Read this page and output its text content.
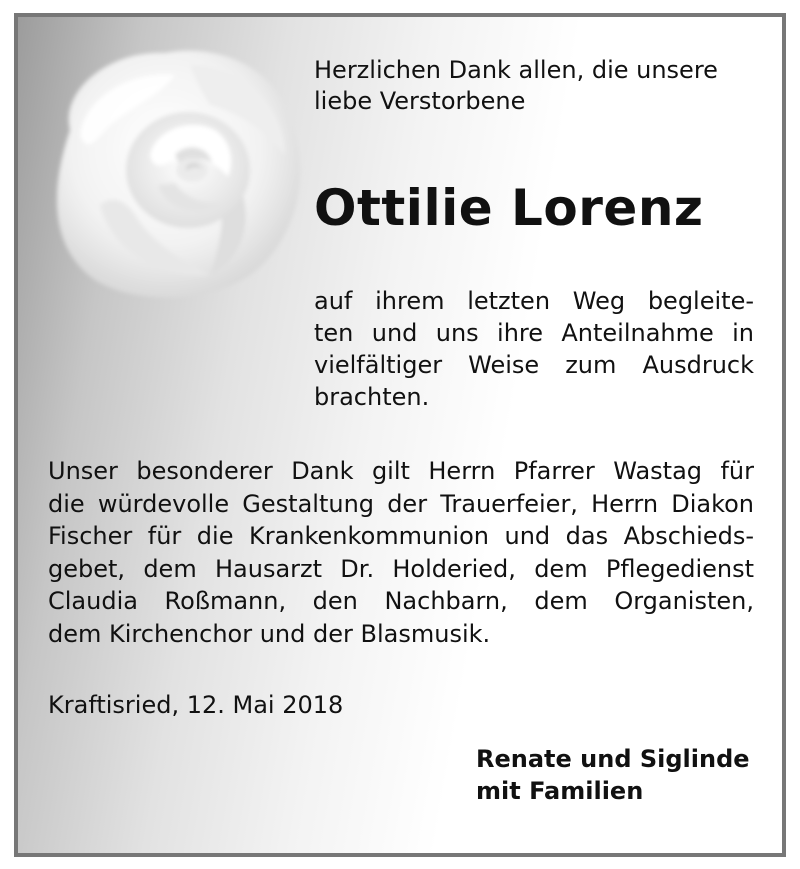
Herzlichen Dank allen, die unsere
liebe Verstorbene

Ottilie Lorenz

auf ihrem letzten Weg begleite-
ten und uns ihre Anteilnahme in
vielfältiger Weise zum Ausdruck
brachten.

Unser besonderer Dank gilt Herrn Pfarrer Wastag für
die würdevolle Gestaltung der Trauerfeier, Herrn Diakon
Fischer für die Krankenkommunion und das Abschieds-
gebet, dem Hausarzt Dr. Holderied, dem Pflegedienst
Claudia Roßmann, den Nachbarn, dem Organisten,
dem Kirchenchor und der Blasmusik.

Kraftisried, 12. Mai 2018

Renate und Siglinde
mit Familien
